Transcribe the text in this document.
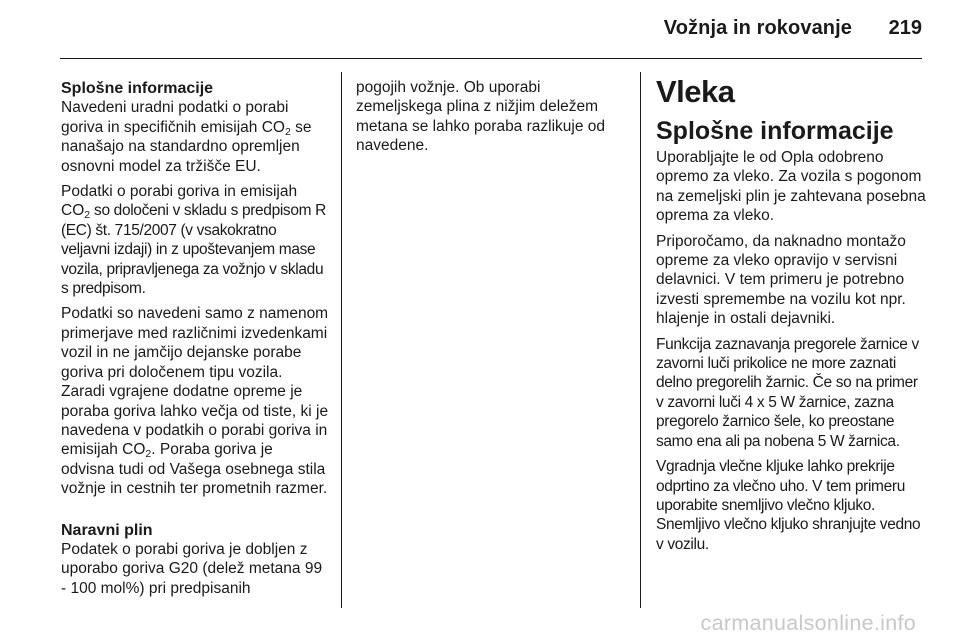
Vožnja in rokovanje 219
Splošne informacije
Navedeni uradni podatki o porabi goriva in specifičnih emisijah $CO_2$ se nanašajo na standardno opremljen osnovni model za tržišče EU.
Podatki o porabi goriva in emisijah $CO_2$ so določeni v skladu s predpisom R (EC) št. 715/2007 (v vsakokratno veljavni izdaji) in z upoštevanjem mase vozila, pripravljenega za vožnjo v skladu s predpisom.
Podatki so navedeni samo z namenom primerjave med različnimi izvedenkami vozil in ne jamčijo dejanske porabe goriva pri določenem tipu vozila. Zaradi vgrajene dodatne opreme je poraba goriva lahko večja od tiste, ki je navedena v podatkih o porabi goriva in emisijah $CO_2$. Poraba goriva je odvisna tudi od Vašega osebnega stila vožnje in cestnih ter prometnih razmer.
Naravni plin
Podatek o porabi goriva je dobljen z uporabo goriva G20 (delež metana 99 - 100 mol%) pri predpisanih
pogojih vožnje. Ob uporabi zemeljskega plina z nižjim deležem metana se lahko poraba razlikuje od navedene.
Vleka
Splošne informacije
Uporabljajte le od Opla odobreno opremo za vleko. Za vozila s pogonom na zemeljski plin je zahtevana posebna oprema za vleko.
Priporočamo, da naknadno montažo opreme za vleko opravijo v servisni delavnici. V tem primeru je potrebno izvesti spremembe na vozilu kot npr. hlajenje in ostali dejavniki.
Funkcija zaznavanja pregorele žarnice v zavorni luči prikolice ne more zaznati delno pregorelih žarnic. Če so na primer v zavorni luči 4 x 5 W žarnice, zazna pregorelo žarnico šele, ko preostane samo ena ali pa nobena 5 W žarnica.
Vgradnja vlečne kljuke lahko prekrije odprtino za vlečno uho. V tem primeru uporabite snemljivo vlečno kljuko. Snemljivo vlečno kljuko shranjujte vedno v vozilu.
carmanualsonline.info
